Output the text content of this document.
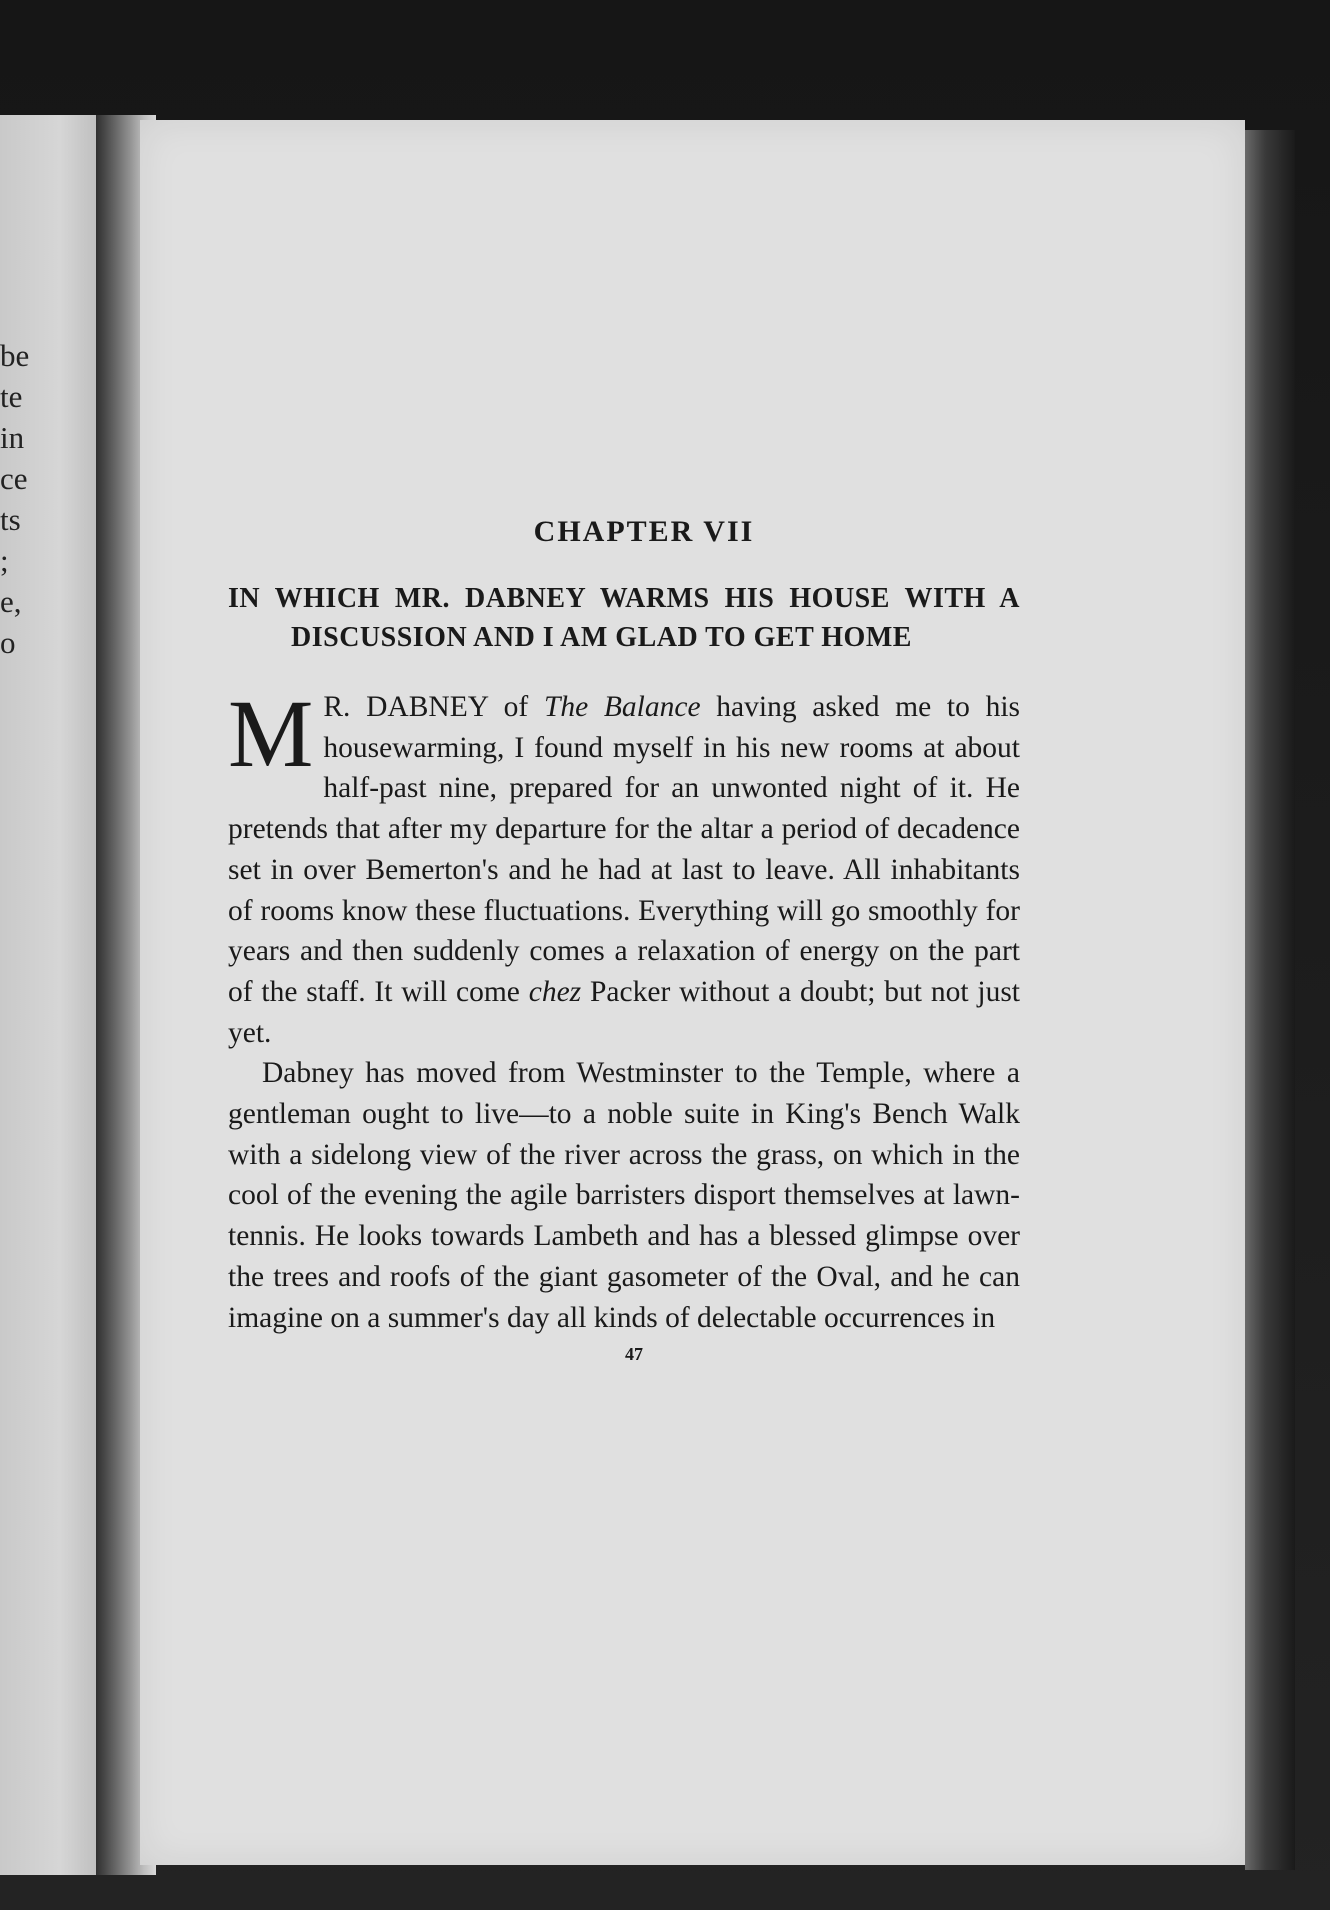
be
te
in
ce
ts
;
e,
o
CHAPTER VII
IN WHICH MR. DABNEY WARMS HIS HOUSE WITH A DISCUSSION AND I AM GLAD TO GET HOME

M R. DABNEY of The Balance having asked me to his housewarming, I found myself in his new rooms at about half-past nine, prepared for an unwonted night of it. He pretends that after my departure for the altar a period of decadence set in over Bemerton's and he had at last to leave. All inhabitants of rooms know these fluctuations. Everything will go smoothly for years and then suddenly comes a relaxation of energy on the part of the staff. It will come chez Packer without a doubt; but not just yet.

Dabney has moved from Westminster to the Temple, where a gentleman ought to live—to a noble suite in King's Bench Walk with a sidelong view of the river across the grass, on which in the cool of the evening the agile barristers disport themselves at lawn-tennis. He looks towards Lambeth and has a blessed glimpse over the trees and roofs of the giant gasometer of the Oval, and he can imagine on a summer's day all kinds of delectable occurrences in

47
